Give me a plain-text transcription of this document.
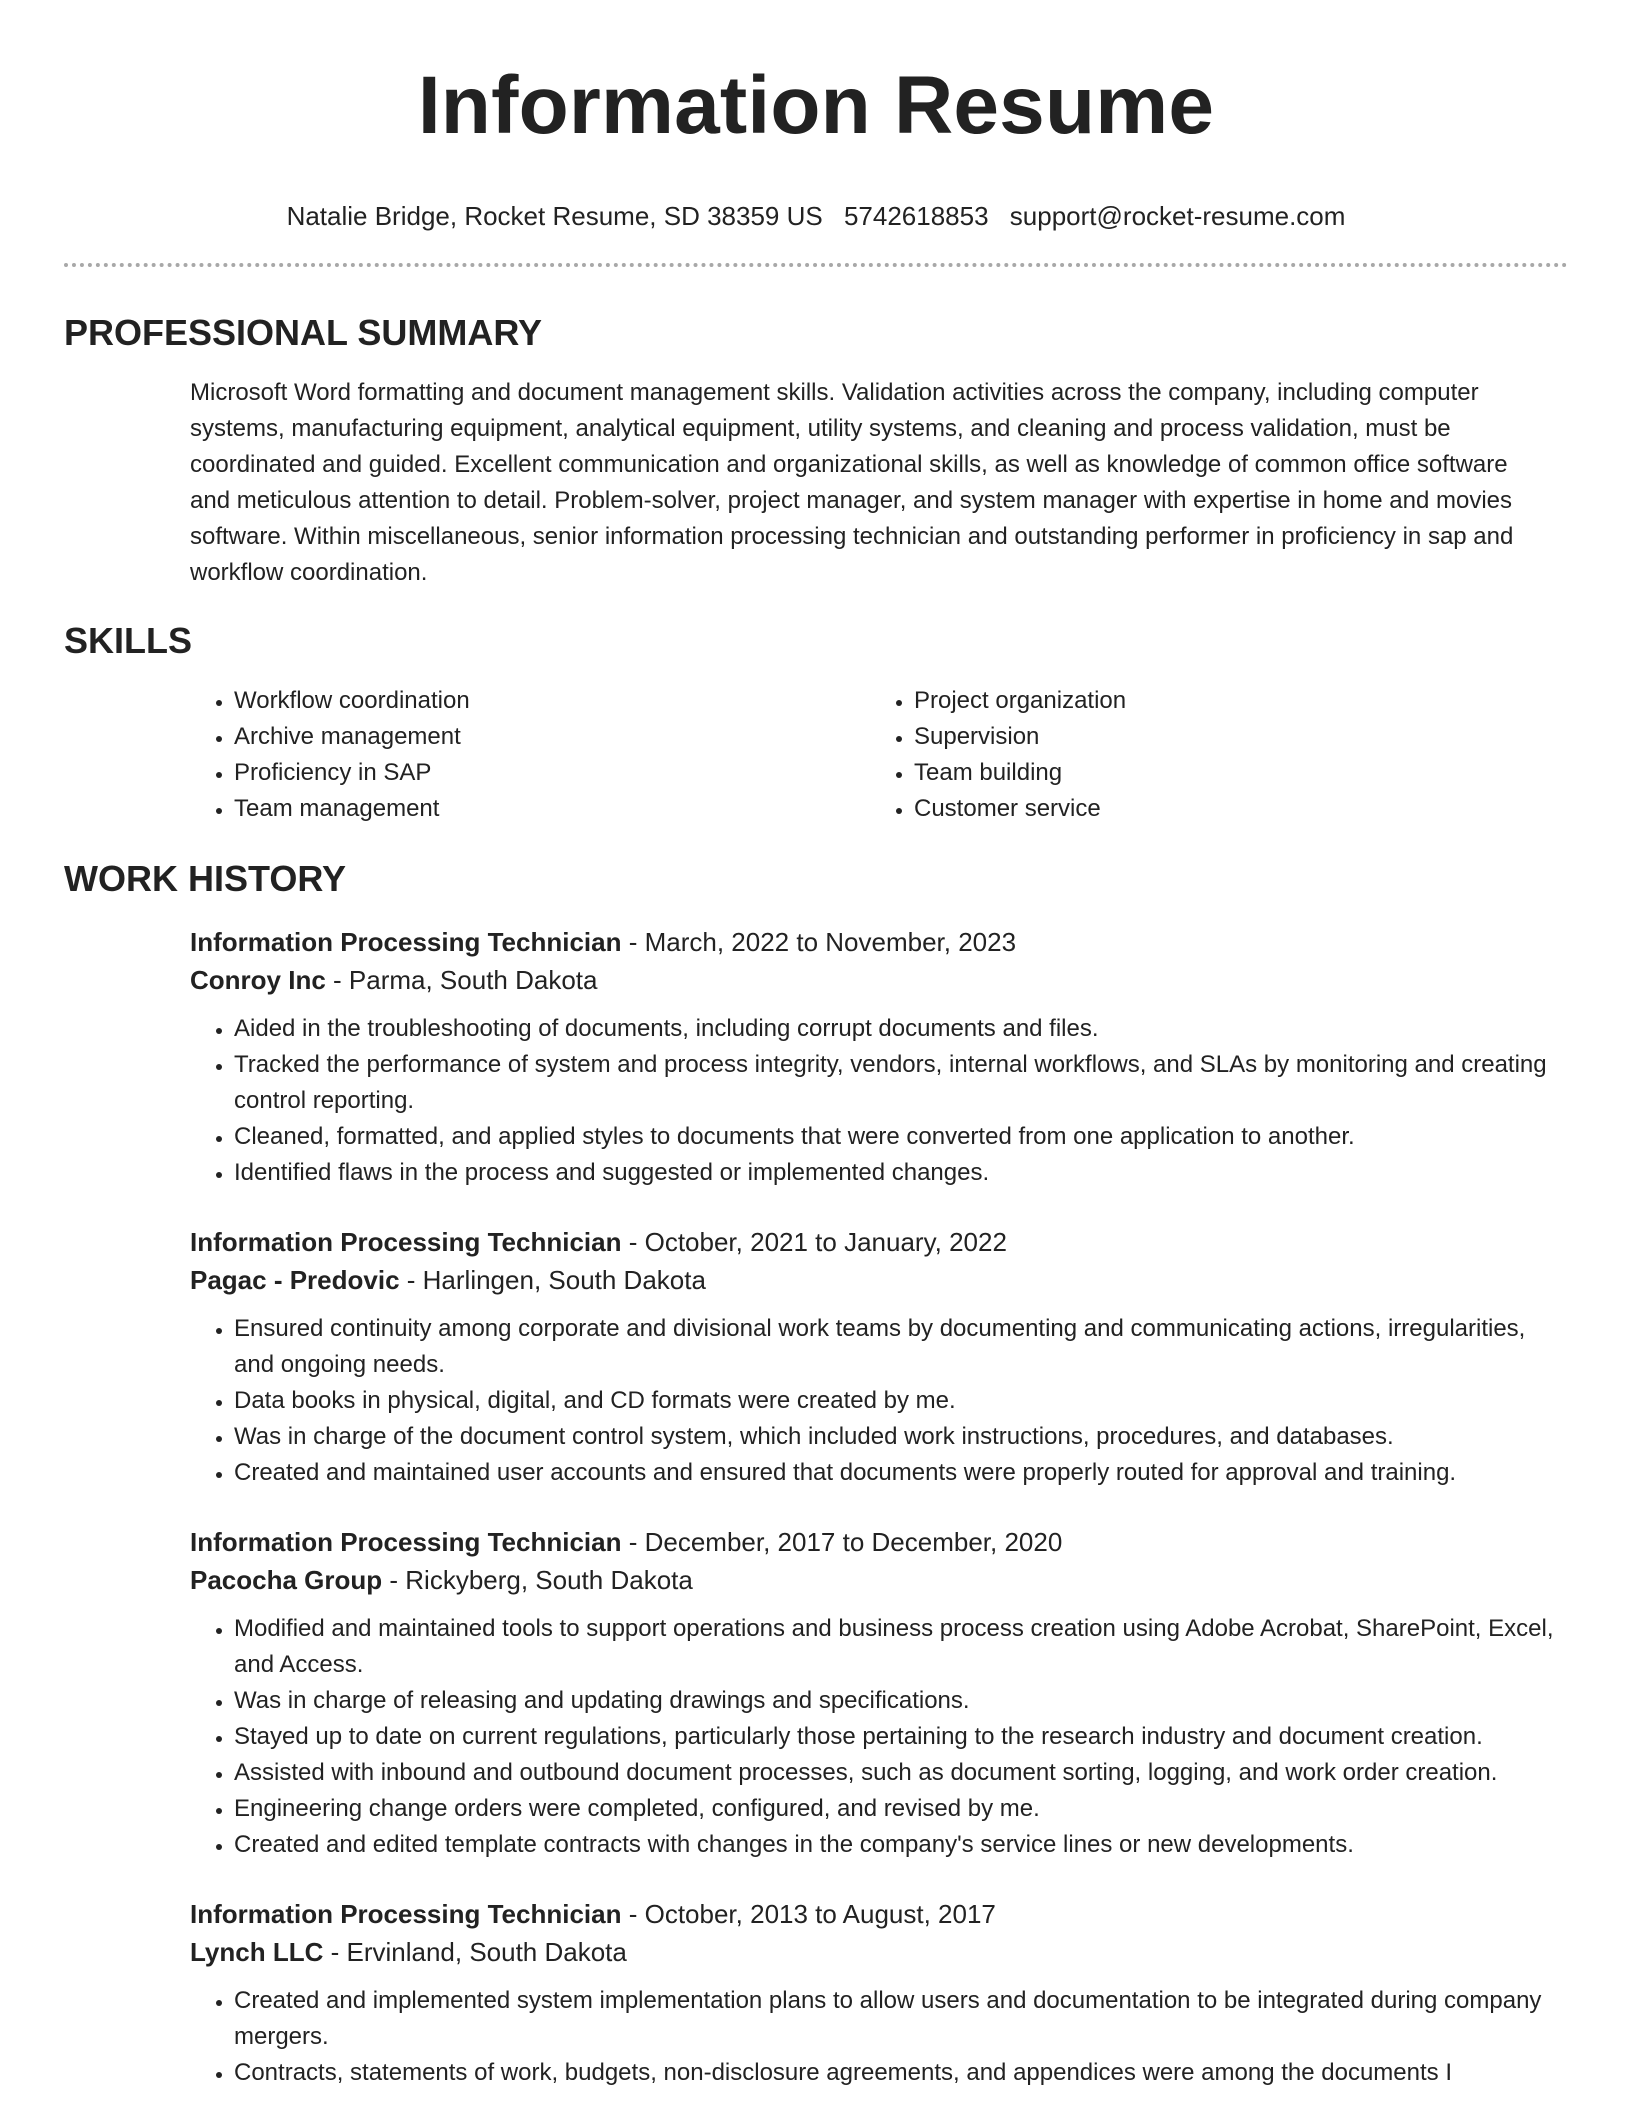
Information Resume
Natalie Bridge, Rocket Resume, SD 38359 US 5742618853 support@rocket-resume.com
PROFESSIONAL SUMMARY

Microsoft Word formatting and document management skills. Validation activities across the company, including computer systems, manufacturing equipment, analytical equipment, utility systems, and cleaning and process validation, must be coordinated and guided. Excellent communication and organizational skills, as well as knowledge of common office software and meticulous attention to detail. Problem-solver, project manager, and system manager with expertise in home and movies software. Within miscellaneous, senior information processing technician and outstanding performer in proficiency in sap and workflow coordination.

SKILLS
• Workflow coordination
• Archive management
• Proficiency in SAP
• Team management
• Project organization
• Supervision
• Team building
• Customer service
WORK HISTORY
Information Processing Technician - March, 2022 to November, 2023
Conroy Inc - Parma, South Dakota
• Aided in the troubleshooting of documents, including corrupt documents and files.
• Tracked the performance of system and process integrity, vendors, internal workflows, and SLAs by monitoring and creating control reporting.
• Cleaned, formatted, and applied styles to documents that were converted from one application to another.
• Identified flaws in the process and suggested or implemented changes.
Information Processing Technician - October, 2021 to January, 2022
Pagac - Predovic - Harlingen, South Dakota
• Ensured continuity among corporate and divisional work teams by documenting and communicating actions, irregularities, and ongoing needs.
• Data books in physical, digital, and CD formats were created by me.
• Was in charge of the document control system, which included work instructions, procedures, and databases.
• Created and maintained user accounts and ensured that documents were properly routed for approval and training.
Information Processing Technician - December, 2017 to December, 2020
Pacocha Group - Rickyberg, South Dakota
• Modified and maintained tools to support operations and business process creation using Adobe Acrobat, SharePoint, Excel, and Access.
• Was in charge of releasing and updating drawings and specifications.
• Stayed up to date on current regulations, particularly those pertaining to the research industry and document creation.
• Assisted with inbound and outbound document processes, such as document sorting, logging, and work order creation.
• Engineering change orders were completed, configured, and revised by me.
• Created and edited template contracts with changes in the company's service lines or new developments.
Information Processing Technician - October, 2013 to August, 2017
Lynch LLC - Ervinland, South Dakota
• Created and implemented system implementation plans to allow users and documentation to be integrated during company mergers.
• Contracts, statements of work, budgets, non-disclosure agreements, and appendices were among the documents I
